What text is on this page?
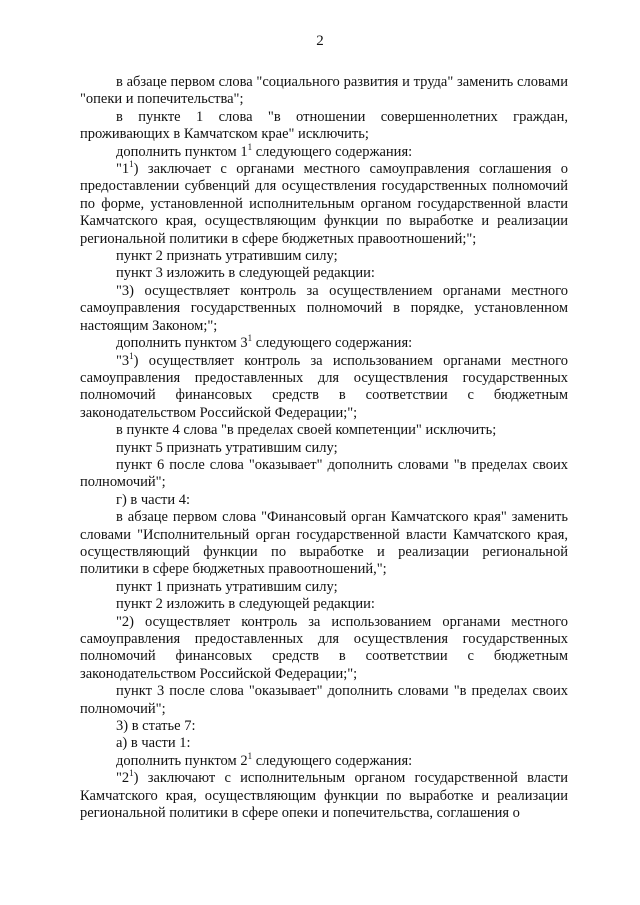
2

в абзаце первом слова "социального развития и труда" заменить словами "опеки и попечительства";

в пункте 1 слова "в отношении совершеннолетних граждан, проживающих в Камчатском крае" исключить;

дополнить пунктом $1^1$ следующего содержания:

"$1^1$) заключает с органами местного самоуправления соглашения о предоставлении субвенций для осуществления государственных полномочий по форме, установленной исполнительным органом государственной власти Камчатского края, осуществляющим функции по выработке и реализации региональной политики в сфере бюджетных правоотношений;";

пункт 2 признать утратившим силу;

пункт 3 изложить в следующей редакции:

"3) осуществляет контроль за осуществлением органами местного самоуправления государственных полномочий в порядке, установленном настоящим Законом;";

дополнить пунктом $3^1$ следующего содержания:

"$3^1$) осуществляет контроль за использованием органами местного самоуправления предоставленных для осуществления государственных полномочий финансовых средств в соответствии с бюджетным законодательством Российской Федерации;";

в пункте 4 слова "в пределах своей компетенции" исключить;

пункт 5 признать утратившим силу;

пункт 6 после слова "оказывает" дополнить словами "в пределах своих полномочий";

г) в части 4:

в абзаце первом слова "Финансовый орган Камчатского края" заменить словами "Исполнительный орган государственной власти Камчатского края, осуществляющий функции по выработке и реализации региональной политики в сфере бюджетных правоотношений,";

пункт 1 признать утратившим силу;

пункт 2 изложить в следующей редакции:

"2) осуществляет контроль за использованием органами местного самоуправления предоставленных для осуществления государственных полномочий финансовых средств в соответствии с бюджетным законодательством Российской Федерации;";

пункт 3 после слова "оказывает" дополнить словами "в пределах своих полномочий";

3) в статье 7:

а) в части 1:

дополнить пунктом $2^1$ следующего содержания:

"$2^1$) заключают с исполнительным органом государственной власти Камчатского края, осуществляющим функции по выработке и реализации региональной политики в сфере опеки и попечительства, соглашения о
